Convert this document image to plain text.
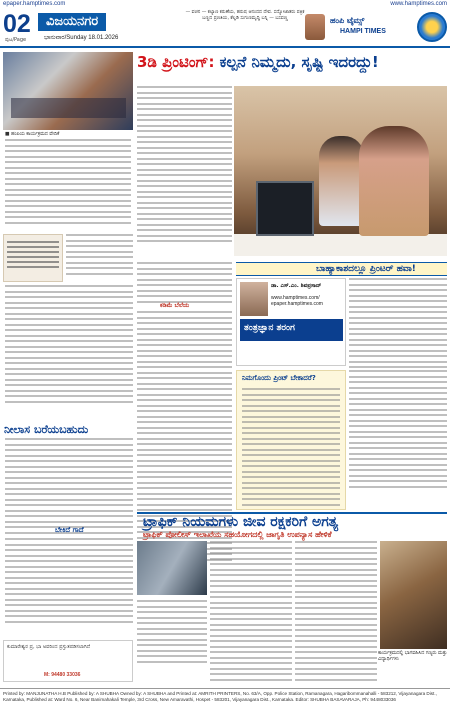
epaper.hamptimes.com	www.hamptimes.com
02
ಪುಟ/Page
ವಿಜಯನಗರ
ಭಾನುವಾರ/Sunday 18.01.2026
— ವಚನ — ಕಲ್ಯಾಣ ಕರುಣೆಯ, ಹರುಷ ಆನಂದದ ದೇವ. ಸದ್ಯೋಜಾತರು ಪತ್ರಿಕ ಬಣ್ಣದ ಪ್ರಣತಿಯ, ಕೆಲ್ಲಡಿ ಸುಗುಣಮೃದ್ದಿ ಬನ್ನಿ — ಬಸವಣ್ಣ	ಹಂಪಿ ಟೈಮ್ಸ್
HAMPI TIMES
■ ಹಂಪಿಯ ಕಾರ್ಯಕ್ರಮದ ವೇದಿಕೆ
ನೀಲಾಸ ಬರೆಯಬಹುದು
ಬೇಕಿದೆ ಗಾದೆ
ಕುಮಾರೇಶ್ವರ ಪ್ರ, ಭಾ ಅವರಿಂದ ಪ್ರಸ್ತುತಪಡಿಸಲಾಗಿದೆ
M: 94480 33036
3ಡಿ ಪ್ರಿಂಟಿಂಗ್: ಕಲ್ಪನೆ ನಿಮ್ಮದು, ಸೃಷ್ಟಿ ಇದರದ್ದು!
ಕಡಿಮೆ ಬೆಲೆಯ
ಬಾಹ್ಯಾಕಾಶದಲ್ಲೂ ಪ್ರಿಂಟರ್ ಹವಾ!
ಡಾ. ಎಸ್.ಎಂ. ಶಿವಪ್ರಸಾದ್
www.hamptimes.com/
epaper.hamptimes.com
ತಂತ್ರಜ್ಞಾನ ತರಂಗ
ನಿಮಗೊಂದು ಪ್ರಿಂಟ್ ಬೇಕಾದರೆ?
ಟ್ರಾಫಿಕ್ ನಿಯಮಗಳು ಜೀವ ರಕ್ಷಕರಿಗೆ ಅಗತ್ಯ
ಟ್ರಾಫಿಕ್ ಪೋಲೀಸ್ ಇಲಾಖೆಯ ಸಹಯೋಗದಲ್ಲಿ ಜಾಗೃತಿ ಉಪನ್ಯಾಸ ಹೇಳಿಕೆ
ಕಾರ್ಯಕ್ರಮದಲ್ಲಿ ಭಾಗವಹಿಸಿದ ಗಣ್ಯರು ಮತ್ತು ವಿದ್ಯಾರ್ಥಿಗಳು
Printed by: MANJUNATHA H.B Published by: A SHUBHA Owned by: A SHUBHA and Printed at: AMRITH PRINTERS, No. 63/A, Opp. Police Station, Ramanagara, Hagaribommanahalli - 583212, Vijayanagara Dist., Karnataka, Published at: Ward No. 6, Near Banimahakali Temple, 3rd Cross, New Amaravathi, Hospet - 583201, Vijayanagara Dist., Karnataka. Editor: SHUBHA BASAVARAJA, Ph: 9448033036
